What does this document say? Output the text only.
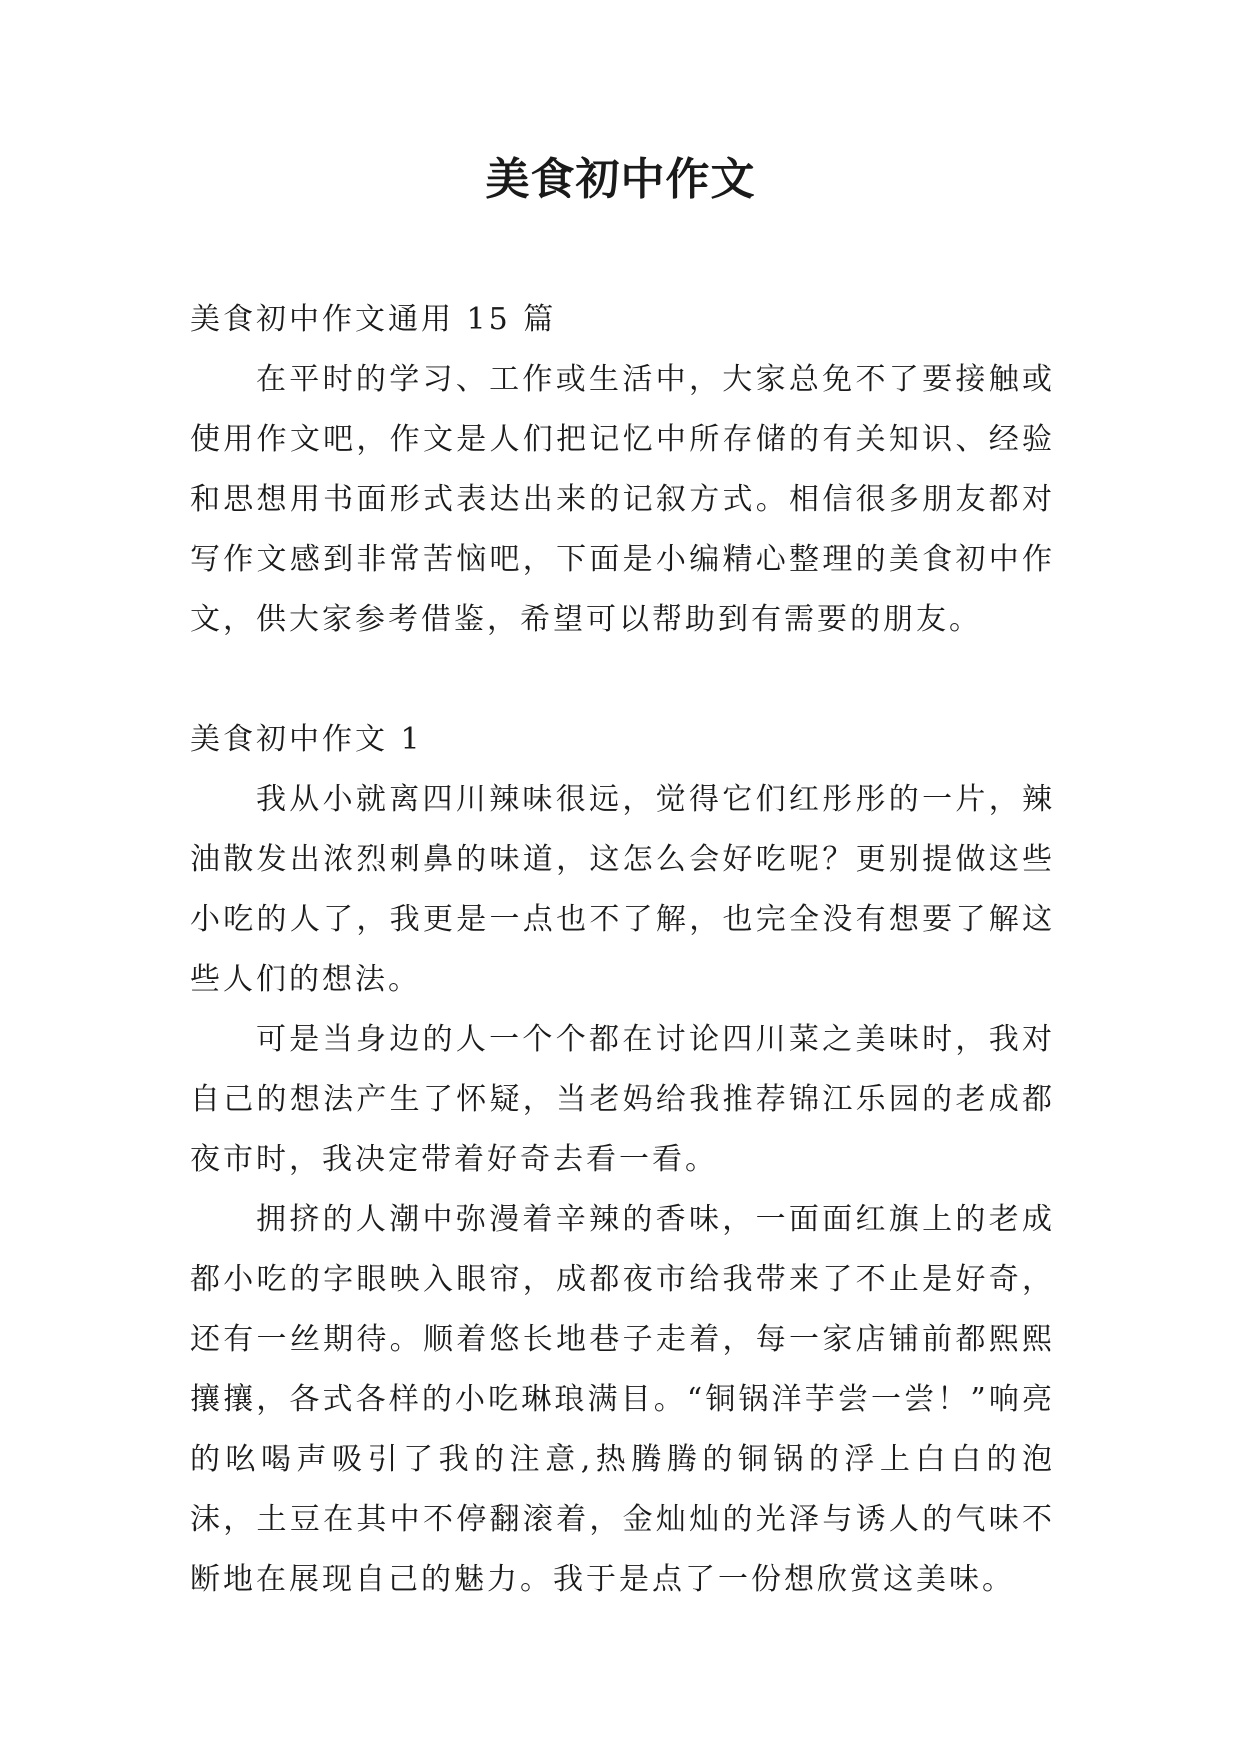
美食初中作文

美食初中作文通用 15 篇

在平时的学习、工作或生活中，大家总免不了要接触或使用作文吧，作文是人们把记忆中所存储的有关知识、经验和思想用书面形式表达出来的记叙方式。相信很多朋友都对写作文感到非常苦恼吧，下面是小编精心整理的美食初中作文，供大家参考借鉴，希望可以帮助到有需要的朋友。

美食初中作文 1

我从小就离四川辣味很远，觉得它们红彤彤的一片，辣油散发出浓烈刺鼻的味道，这怎么会好吃呢？更别提做这些小吃的人了，我更是一点也不了解，也完全没有想要了解这些人们的想法。

可是当身边的人一个个都在讨论四川菜之美味时，我对自己的想法产生了怀疑，当老妈给我推荐锦江乐园的老成都夜市时，我决定带着好奇去看一看。

拥挤的人潮中弥漫着辛辣的香味，一面面红旗上的老成都小吃的字眼映入眼帘，成都夜市给我带来了不止是好奇，还有一丝期待。顺着悠长地巷子走着，每一家店铺前都熙熙攘攘，各式各样的小吃琳琅满目。“铜锅洋芋尝一尝！”响亮的吆喝声吸引了我的注意,热腾腾的铜锅的浮上白白的泡沫，土豆在其中不停翻滚着，金灿灿的光泽与诱人的气味不断地在展现自己的魅力。我于是点了一份想欣赏这美味。
